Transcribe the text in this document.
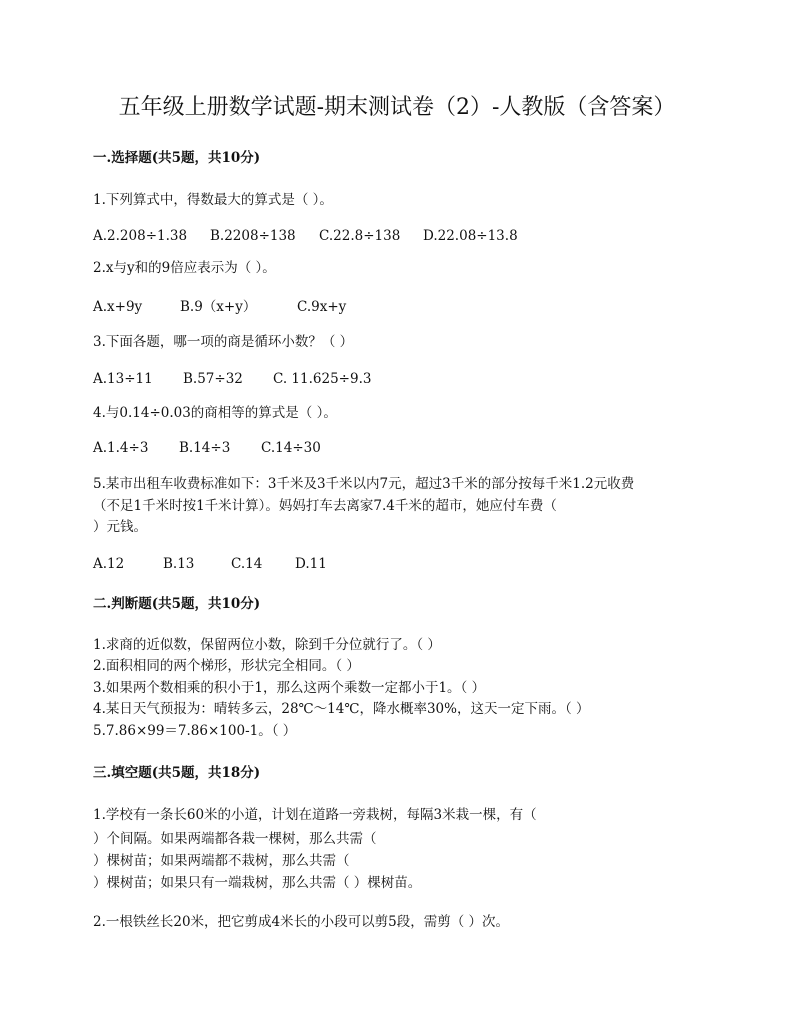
五年级上册数学试题-期末测试卷（2）-人教版（含答案）
一.选择题(共5题，共10分)
1.下列算式中，得数最大的算式是（ ）。
A.2.208÷1.38 B.2208÷138 C.22.8÷138 D.22.08÷13.8
2.x与y和的9倍应表示为（ ）。
A.x+9y	B.9（x+y）	C.9x+y
3.下面各题，哪一项的商是循环小数？（ ）
A.13÷11 B.57÷32 C. 11.625÷9.3
4.与0.14÷0.03的商相等的算式是（ ）。
A.1.4÷3 B.14÷3 C.14÷30
5.某市出租车收费标准如下：3千米及3千米以内7元，超过3千米的部分按每千米1.2元收费
（不足1千米时按1千米计算）。妈妈打车去离家7.4千米的超市，她应付车费（
）元钱。
A.12	B.13	C.14 D.11
二.判断题(共5题，共10分)
1.求商的近似数，保留两位小数，除到千分位就行了。（ ）
2.面积相同的两个梯形，形状完全相同。（ ）
3.如果两个数相乘的积小于1，那么这两个乘数一定都小于1。（ ）
4.某日天气预报为：晴转多云，28℃～14℃，降水概率30%，这天一定下雨。（ ）
5.7.86×99＝7.86×100-1。（ ）
三.填空题(共5题，共18分)
1.学校有一条长60米的小道，计划在道路一旁栽树，每隔3米栽一棵，有（
）个间隔。如果两端都各栽一棵树，那么共需（
）棵树苗；如果两端都不栽树，那么共需（
）棵树苗；如果只有一端栽树，那么共需（ ）棵树苗。
2.一根铁丝长20米，把它剪成4米长的小段可以剪5段，需剪（ ）次。
